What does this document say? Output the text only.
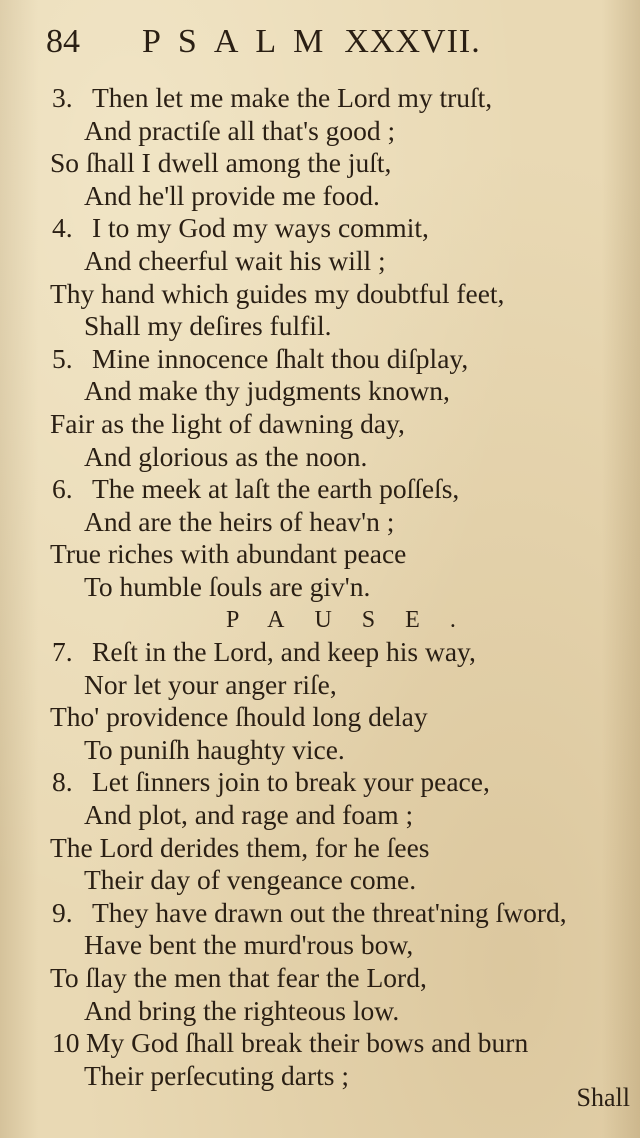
84 PSALM XXXVII.
3. Then let me make the Lord my truſt,
And practiſe all that's good ;
So ſhall I dwell among the juſt,
And he'll provide me food.
4. I to my God my ways commit,
And cheerful wait his will ;
Thy hand which guides my doubtful feet,
Shall my deſires fulfil.
5. Mine innocence ſhalt thou diſplay,
And make thy judgments known,
Fair as the light of dawning day,
And glorious as the noon.
6. The meek at laſt the earth poſſeſs,
And are the heirs of heav'n ;
True riches with abundant peace
To humble ſouls are giv'n.
PAUSE.
7. Reſt in the Lord, and keep his way,
Nor let your anger riſe,
Tho' providence ſhould long delay
To puniſh haughty vice.
8. Let ſinners join to break your peace,
And plot, and rage and foam ;
The Lord derides them, for he ſees
Their day of vengeance come.
9. They have drawn out the threat'ning ſword,
Have bent the murd'rous bow,
To ſlay the men that fear the Lord,
And bring the righteous low.
10 My God ſhall break their bows and burn
Their perſecuting darts ;
Shall
